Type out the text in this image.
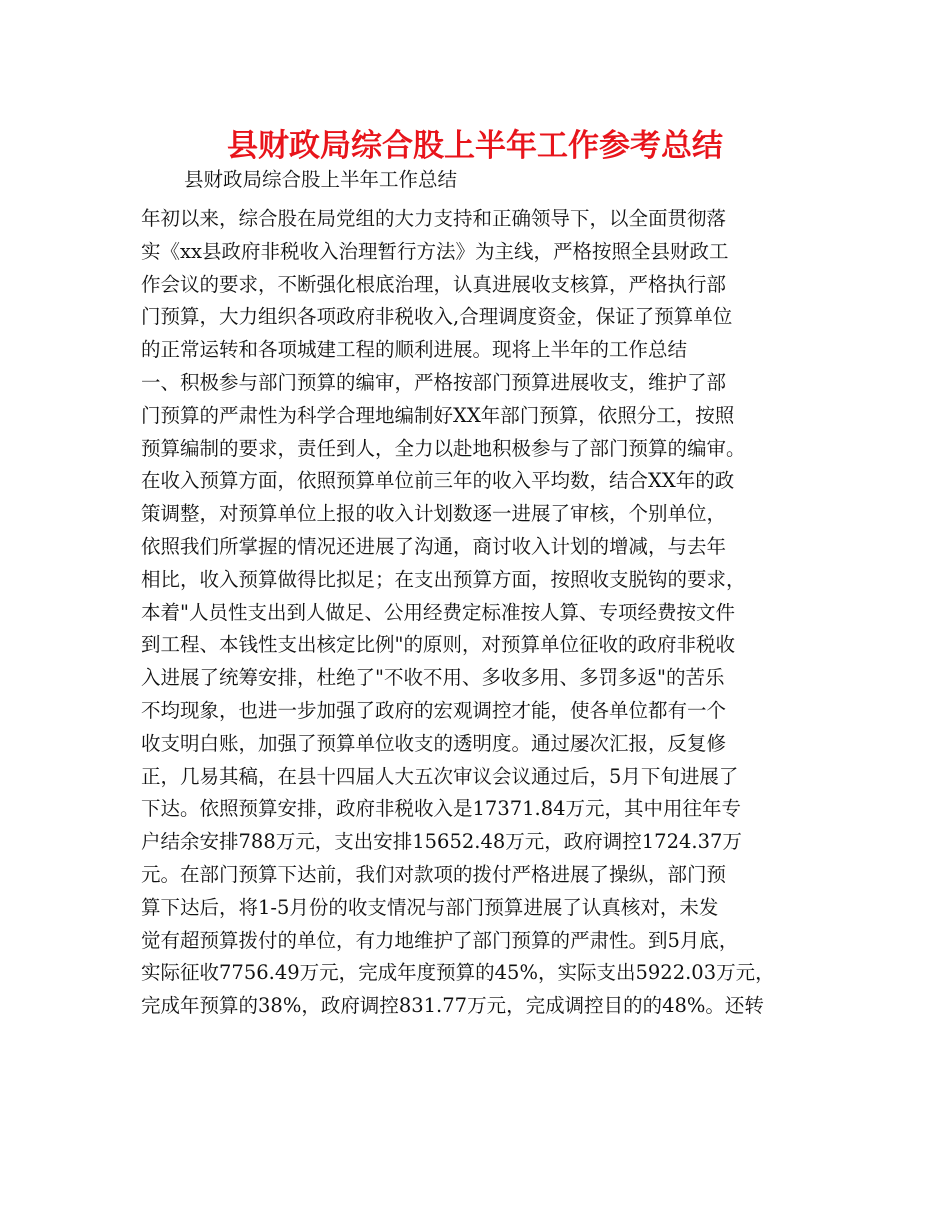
县财政局综合股上半年工作参考总结

县财政局综合股上半年工作总结

年初以来，综合股在局党组的大力支持和正确领导下，以全面贯彻落
实《xx县政府非税收入治理暂行方法》为主线，严格按照全县财政工
作会议的要求，不断强化根底治理，认真进展收支核算，严格执行部
门预算，大力组织各项政府非税收入,合理调度资金，保证了预算单位
的正常运转和各项城建工程的顺利进展。现将上半年的工作总结
一、积极参与部门预算的编审，严格按部门预算进展收支，维护了部
门预算的严肃性为科学合理地编制好XX年部门预算，依照分工，按照
预算编制的要求，责任到人，全力以赴地积极参与了部门预算的编审。
在收入预算方面，依照预算单位前三年的收入平均数，结合XX年的政
策调整，对预算单位上报的收入计划数逐一进展了审核，个别单位，
依照我们所掌握的情况还进展了沟通，商讨收入计划的增减，与去年
相比，收入预算做得比拟足；在支出预算方面，按照收支脱钩的要求，
本着"人员性支出到人做足、公用经费定标准按人算、专项经费按文件
到工程、本钱性支出核定比例"的原则，对预算单位征收的政府非税收
入进展了统筹安排，杜绝了"不收不用、多收多用、多罚多返"的苦乐
不均现象，也进一步加强了政府的宏观调控才能，使各单位都有一个
收支明白账，加强了预算单位收支的透明度。通过屡次汇报，反复修
正，几易其稿，在县十四届人大五次审议会议通过后，5月下旬进展了
下达。依照预算安排，政府非税收入是17371.84万元，其中用往年专
户结余安排788万元，支出安排15652.48万元，政府调控1724.37万
元。在部门预算下达前，我们对款项的拨付严格进展了操纵，部门预
算下达后，将1-5月份的收支情况与部门预算进展了认真核对，未发
觉有超预算拨付的单位，有力地维护了部门预算的严肃性。到5月底，
实际征收7756.49万元，完成年度预算的45%，实际支出5922.03万元，
完成年预算的38%，政府调控831.77万元，完成调控目的的48%。还转
